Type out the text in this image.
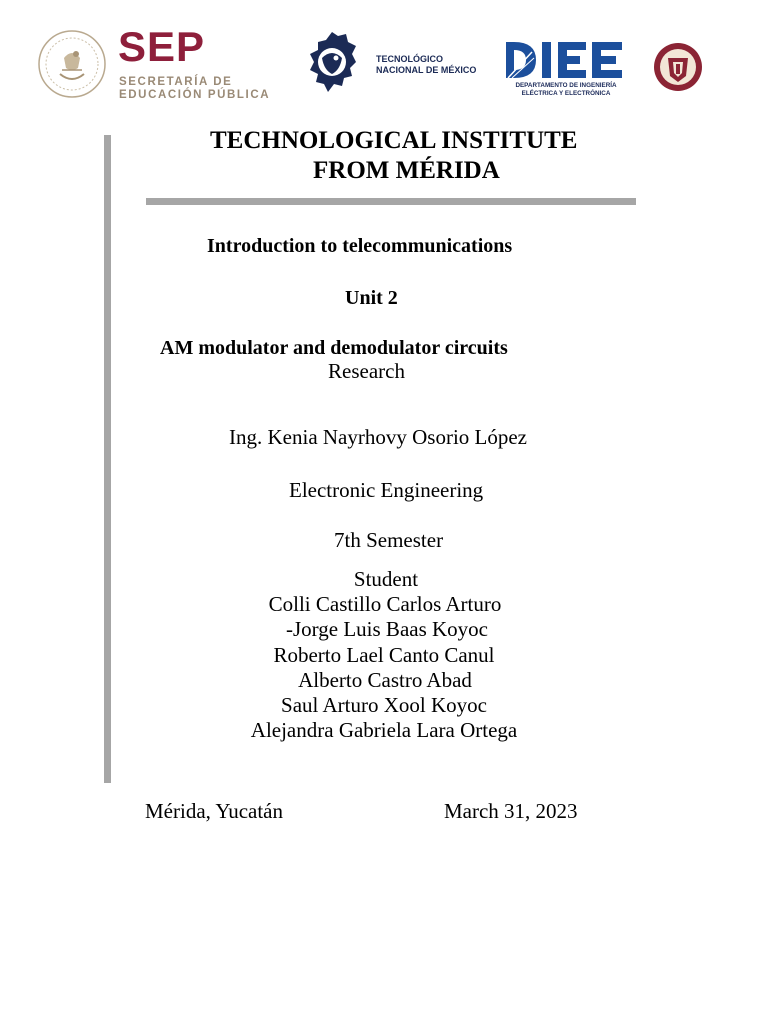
SEP
SECRETARÍA DE
EDUCACIÓN PÚBLICA
TECNOLÓGICO
NACIONAL DE MÉXICO
DEPARTAMENTO DE INGENIERÍA
ELÉCTRICA Y ELECTRÓNICA
TECHNOLOGICAL INSTITUTE
FROM MÉRIDA
Introduction to telecommunications
Unit 2
AM modulator and demodulator circuits
Research
Ing. Kenia Nayrhovy Osorio López
Electronic Engineering
7th Semester
Student
Colli Castillo Carlos Arturo
-Jorge Luis Baas Koyoc
Roberto Lael Canto Canul
Alberto Castro Abad
Saul Arturo Xool Koyoc
Alejandra Gabriela Lara Ortega
Mérida, Yucatán	March 31, 2023
